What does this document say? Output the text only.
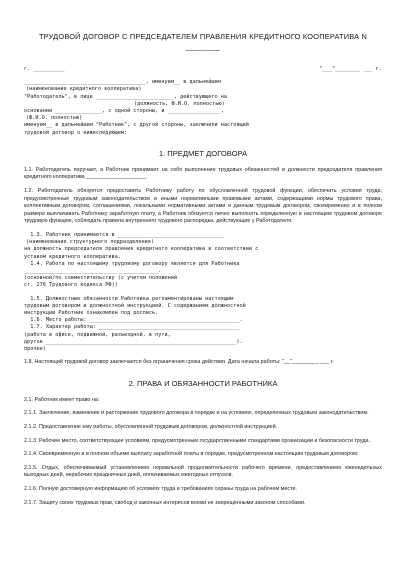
ТРУДОВОЙ ДОГОВОР С ПРЕДСЕДАТЕЛЕМ ПРАВЛЕНИЯ КРЕДИТНОГО КООПЕРАТИВА N ________
г. __________	"___"________ ___ г.
_______________________________________, именуем__ в дальнейшем
(наименование кредитного кооператива)
"Работодатель", в лице _________________________, действующего на
(должность, Ф.И.О. полностью)
основании _______________, с одной стороны, и _________________,
(Ф.И.О. полностью)
именуем__ в дальнейшем "Работник", с другой стороны, заключили настоящий
трудовой договор о нижеследующем:
1. ПРЕДМЕТ ДОГОВОРА
1.1. Работодатель поручает, а Работник принимает на себя выполнение трудовых обязанностей в должности председателя правления кредитного кооператива ____________________.
1.2. Работодатель обязуется предоставить Работнику работу по обусловленной трудовой функции, обеспечить условия труда, предусмотренные трудовым законодательством и иными нормативными правовыми актами, содержащими нормы трудового права, коллективным договором, соглашениями, локальными нормативными актами и данным трудовым договором, своевременно и в полном размере выплачивать Работнику заработную плату, а Работник обязуется лично выполнять определенную в настоящем трудовом договоре трудовую функцию, соблюдать правила внутреннего трудового распорядка, действующие у Работодателя.
1.3. Работник принимается в __________________________________
(наименование структурного подразделения)
на должность председателя правления кредитного кооператива в соответствии с
уставом кредитного кооператива.
1.4. Работа по настоящему трудовому договору является для Работника
___________________________________________.
(основной/по совместительству (с учетом положений
ст. 276 Трудового кодекса РФ))
1.5. Должностные обязанности Работника регламентированы настоящим
трудовым договором и должностной инструкцией. С содержанием должностной
инструкции Работник ознакомлен под роспись.
1.6. Место работы: ________________________________________________.
1.7. Характер работы: _____________________________________________
(работа в офисе, подвижной, разъездной, в пути,
другое _____________________________________________________________).
прочее)
1.8. Настоящий трудовой договор заключается без ограничения срока действия. Дата начала работы: "__"_________ ___ г.
2. ПРАВА И ОБЯЗАННОСТИ РАБОТНИКА
2.1. Работник имеет право на:
2.1.1. Заключение, изменение и расторжение трудового договора в порядке и на условиях, определенных трудовым законодательством.
2.1.2. Предоставление ему работы, обусловленной трудовым договором, должностной инструкцией.
2.1.3. Рабочее место, соответствующее условиям, предусмотренным государственными стандартами организации и безопасности труда.
2.1.4. Своевременную и в полном объеме выплату заработной платы в порядке, предусмотренном настоящим трудовым договором.
2.1.5. Отдых, обеспечиваемый установлением нормальной продолжительности рабочего времени, предоставлением еженедельных выходных дней, нерабочих праздничных дней, оплачиваемых ежегодных отпусков.
2.1.6. Полную достоверную информацию об условиях труда и требованиях охраны труда на рабочем месте.
2.1.7. Защиту своих трудовых прав, свобод и законных интересов всеми не запрещенными законом способами.
